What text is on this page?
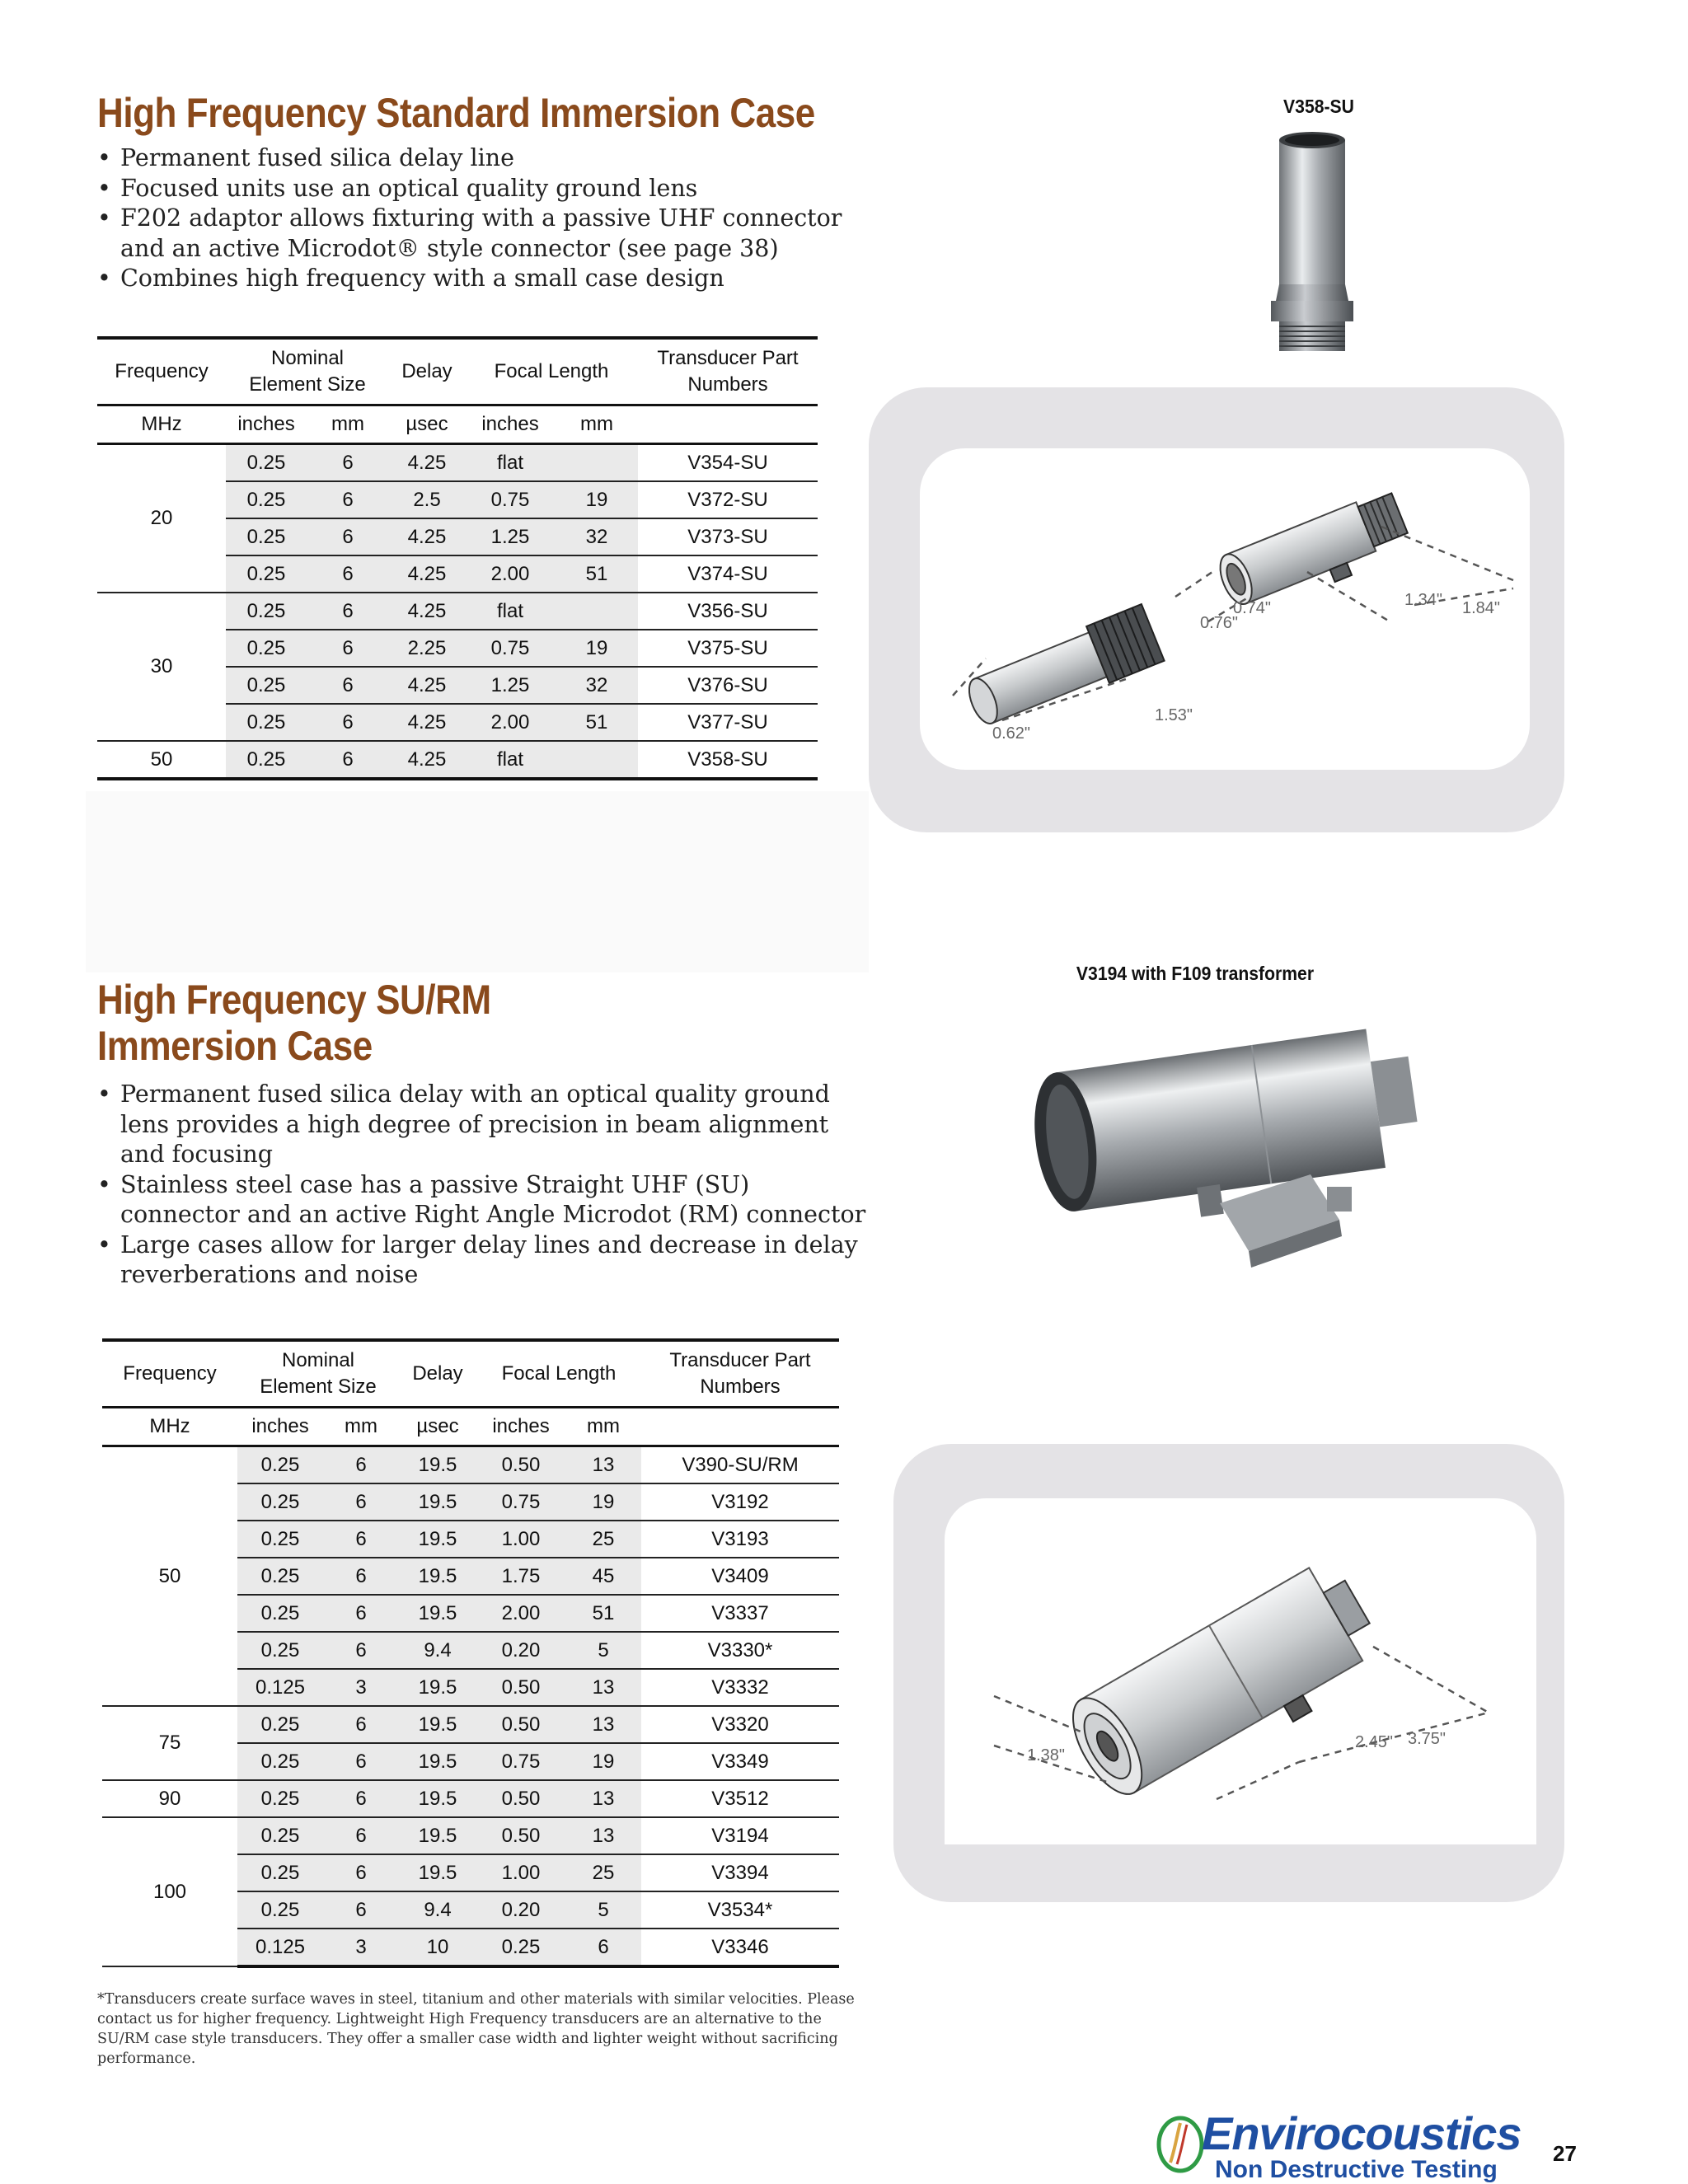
High Frequency Standard Immersion Case
• Permanent fused silica delay line
• Focused units use an optical quality ground lens
• F202 adaptor allows fixturing with a passive UHF connector and an active Microdot® style connector (see page 38)
• Combines high frequency with a small case design
Frequency	Nominal Element Size		Delay	Focal Length		Transducer Part Numbers
MHz	inches	mm	µsec	inches	mm	
20	0.25	6	4.25	flat		V354-SU
	0.25	6	2.5	0.75	19	V372-SU
	0.25	6	4.25	1.25	32	V373-SU
	0.25	6	4.25	2.00	51	V374-SU
30	0.25	6	4.25	flat		V356-SU
	0.25	6	2.25	0.75	19	V375-SU
	0.25	6	4.25	1.25	32	V376-SU
	0.25	6	4.25	2.00	51	V377-SU
50	0.25	6	4.25	flat		V358-SU
V358-SU
0.74"
0.76"
1.34" 1.84"
0.62"
1.53"
V3194 with F109 transformer
High Frequency SU/RM
Immersion Case
• Permanent fused silica delay with an optical quality ground lens provides a high degree of precision in beam alignment and focusing
• Stainless steel case has a passive Straight UHF (SU) connector and an active Right Angle Microdot (RM) connector
• Large cases allow for larger delay lines and decrease in delay reverberations and noise
Frequency	Nominal Element Size		Delay	Focal Length		Transducer Part Numbers
MHz	inches	mm	µsec	inches	mm	
50	0.25	6	19.5	0.50	13	V390-SU/RM
	0.25	6	19.5	0.75	19	V3192
	0.25	6	19.5	1.00	25	V3193
	0.25	6	19.5	1.75	45	V3409
	0.25	6	19.5	2.00	51	V3337
	0.25	6	9.4	0.20	5	V3330*
	0.125	3	19.5	0.50	13	V3332
75	0.25	6	19.5	0.50	13	V3320
	0.25	6	19.5	0.75	19	V3349
90	0.25	6	19.5	0.50	13	V3512
100	0.25	6	19.5	0.50	13	V3194
	0.25	6	19.5	1.00	25	V3394
	0.25	6	9.4	0.20	5	V3534*
	0.125	3	10	0.25	6	V3346
1.38"
2.45" 3.75"
*Transducers create surface waves in steel, titanium and other materials with similar velocities. Please contact us for higher frequency. Lightweight High Frequency transducers are an alternative to the SU/RM case style transducers. They offer a smaller case width and lighter weight without sacrificing performance.
Envirocoustics
Non Destructive Testing
27
